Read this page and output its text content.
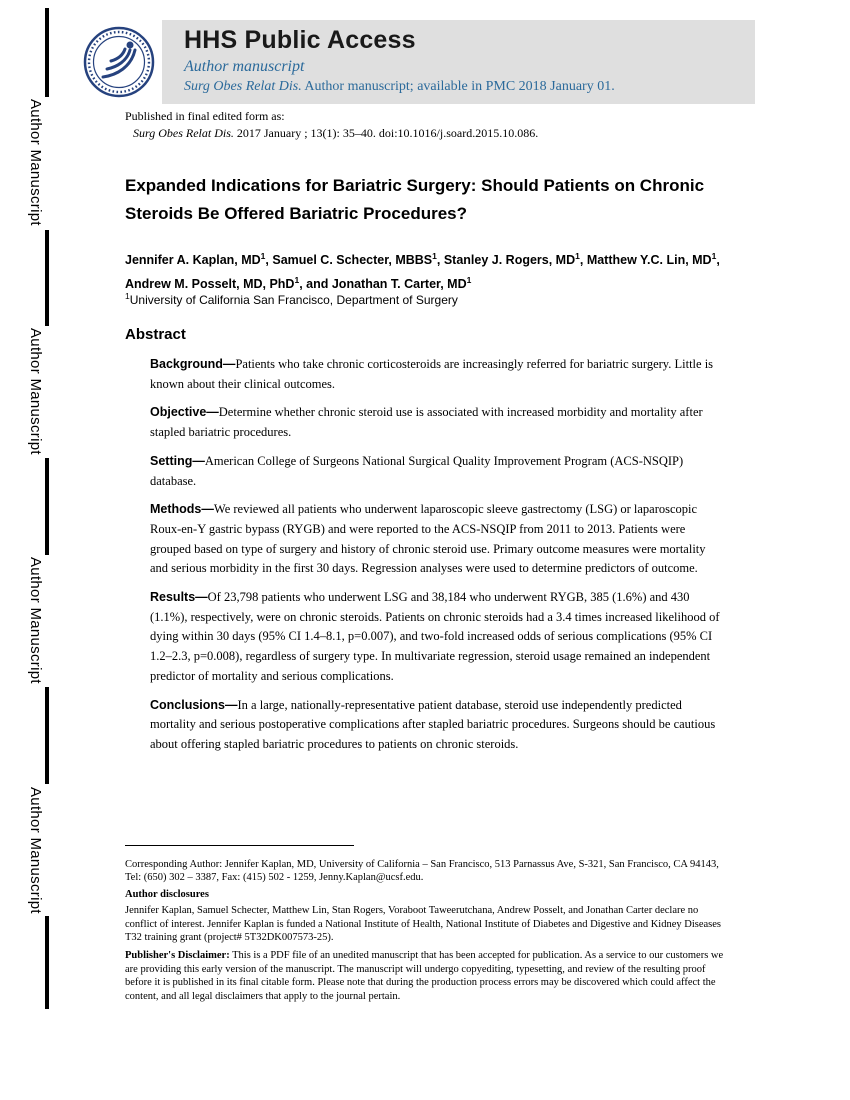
Author Manuscript
Author Manuscript
Author Manuscript
Author Manuscript

HHS Public Access

Author manuscript

Surg Obes Relat Dis. Author manuscript; available in PMC 2018 January 01.

Published in final edited form as:
Surg Obes Relat Dis. 2017 January ; 13(1): 35–40. doi:10.1016/j.soard.2015.10.086.
Expanded Indications for Bariatric Surgery: Should Patients on Chronic Steroids Be Offered Bariatric Procedures?
Jennifer A. Kaplan, $MD^1$, Samuel C. Schecter, MBBS$^1$, Stanley J. Rogers, $MD^1$, Matthew Y.C. Lin, $MD^1$, Andrew M. Posselt, MD, PhD$^1$, and Jonathan T. Carter, $MD^1$
$^1$University of California San Francisco, Department of Surgery
Abstract

Background—Patients who take chronic corticosteroids are increasingly referred for bariatric surgery. Little is known about their clinical outcomes.

Objective—Determine whether chronic steroid use is associated with increased morbidity and mortality after stapled bariatric procedures.

Setting—American College of Surgeons National Surgical Quality Improvement Program (ACS-NSQIP) database.

Methods—We reviewed all patients who underwent laparoscopic sleeve gastrectomy (LSG) or laparoscopic Roux-en-Y gastric bypass (RYGB) and were reported to the ACS-NSQIP from 2011 to 2013. Patients were grouped based on type of surgery and history of chronic steroid use. Primary outcome measures were mortality and serious morbidity in the first 30 days. Regression analyses were used to determine predictors of outcome.

Results—Of 23,798 patients who underwent LSG and 38,184 who underwent RYGB, 385 (1.6%) and 430 (1.1%), respectively, were on chronic steroids. Patients on chronic steroids had a 3.4 times increased likelihood of dying within 30 days (95% CI 1.4–8.1, p=0.007), and two-fold increased odds of serious complications (95% CI 1.2–2.3, p=0.008), regardless of surgery type. In multivariate regression, steroid usage remained an independent predictor of mortality and serious complications.

Conclusions—In a large, nationally-representative patient database, steroid use independently predicted mortality and serious postoperative complications after stapled bariatric procedures. Surgeons should be cautious about offering stapled bariatric procedures to patients on chronic steroids.

Corresponding Author: Jennifer Kaplan, MD, University of California – San Francisco, 513 Parnassus Ave, S-321, San Francisco, CA 94143, Tel: (650) 302 – 3387, Fax: (415) 502 - 1259, Jenny.Kaplan@ucsf.edu.

Author disclosures

Jennifer Kaplan, Samuel Schecter, Matthew Lin, Stan Rogers, Voraboot Taweerutchana, Andrew Posselt, and Jonathan Carter declare no conflict of interest. Jennifer Kaplan is funded a National Institute of Health, National Institute of Diabetes and Digestive and Kidney Diseases T32 training grant (project# 5T32DK007573-25).

Publisher's Disclaimer: This is a PDF file of an unedited manuscript that has been accepted for publication. As a service to our customers we are providing this early version of the manuscript. The manuscript will undergo copyediting, typesetting, and review of the resulting proof before it is published in its final citable form. Please note that during the production process errors may be discovered which could affect the content, and all legal disclaimers that apply to the journal pertain.
